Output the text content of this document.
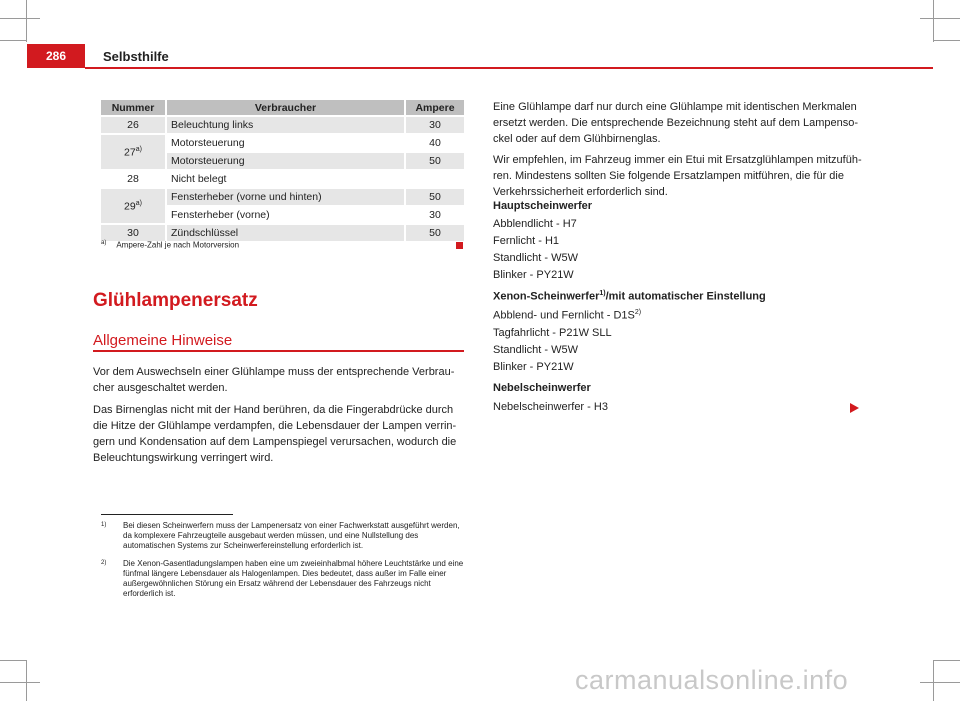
286	Selbsthilfe
Nummer	Verbraucher	Ampere
26	Beleuchtung links	30
27$^{a)}$	Motorsteuerung	40
	Motorsteuerung	50
28	Nicht belegt	
29$^{a)}$	Fensterheber (vorne und hinten)	50
	Fensterheber (vorne)	30
30	Zündschlüssel	50
$^{a)}$ Ampere-Zahl je nach Motorversion
Glühlampenersatz
Allgemeine Hinweise

Vor dem Auswechseln einer Glühlampe muss der entsprechende Verbraucher ausgeschaltet werden.

Das Birnenglas nicht mit der Hand berühren, da die Fingerabdrücke durch die Hitze der Glühlampe verdampfen, die Lebensdauer der Lampen verringern und Kondensation auf dem Lampenspiegel verursachen, wodurch die Beleuchtungswirkung verringert wird.

1)	Bei diesen Scheinwerfern muss der Lampenersatz von einer Fachwerkstatt ausgeführt werden, da komplexere Fahrzeugteile ausgebaut werden müssen, und eine Nullstellung des automatischen Systems zur Scheinwerfereinstellung erforderlich ist.
2)	Die Xenon-Gasentladungslampen haben eine um zweieinhalbmal höhere Leuchtstärke und eine fünfmal längere Lebensdauer als Halogenlampen. Dies bedeutet, dass außer im Falle einer außergewöhnlichen Störung ein Ersatz während der Lebensdauer des Fahrzeugs nicht erforderlich ist.

Eine Glühlampe darf nur durch eine Glühlampe mit identischen Merkmalen ersetzt werden. Die entsprechende Bezeichnung steht auf dem Lampensockel oder auf dem Glühbirnenglas.

Wir empfehlen, im Fahrzeug immer ein Etui mit Ersatzglühlampen mitzuführen. Mindestens sollten Sie folgende Ersatzlampen mitführen, die für die Verkehrssicherheit erforderlich sind.

Hauptscheinwerfer
Abblendlicht - H7
Fernlicht - H1
Standlicht - W5W
Blinker - PY21W
Xenon-Scheinwerfer$^{1)}$/mit automatischer Einstellung
Abblend- und Fernlicht - $D1S^{2)}$
Tagfahrlicht - P21W SLL
Standlicht - W5W
Blinker - PY21W
Nebelscheinwerfer
Nebelscheinwerfer - H3
carmanualsonline.info
